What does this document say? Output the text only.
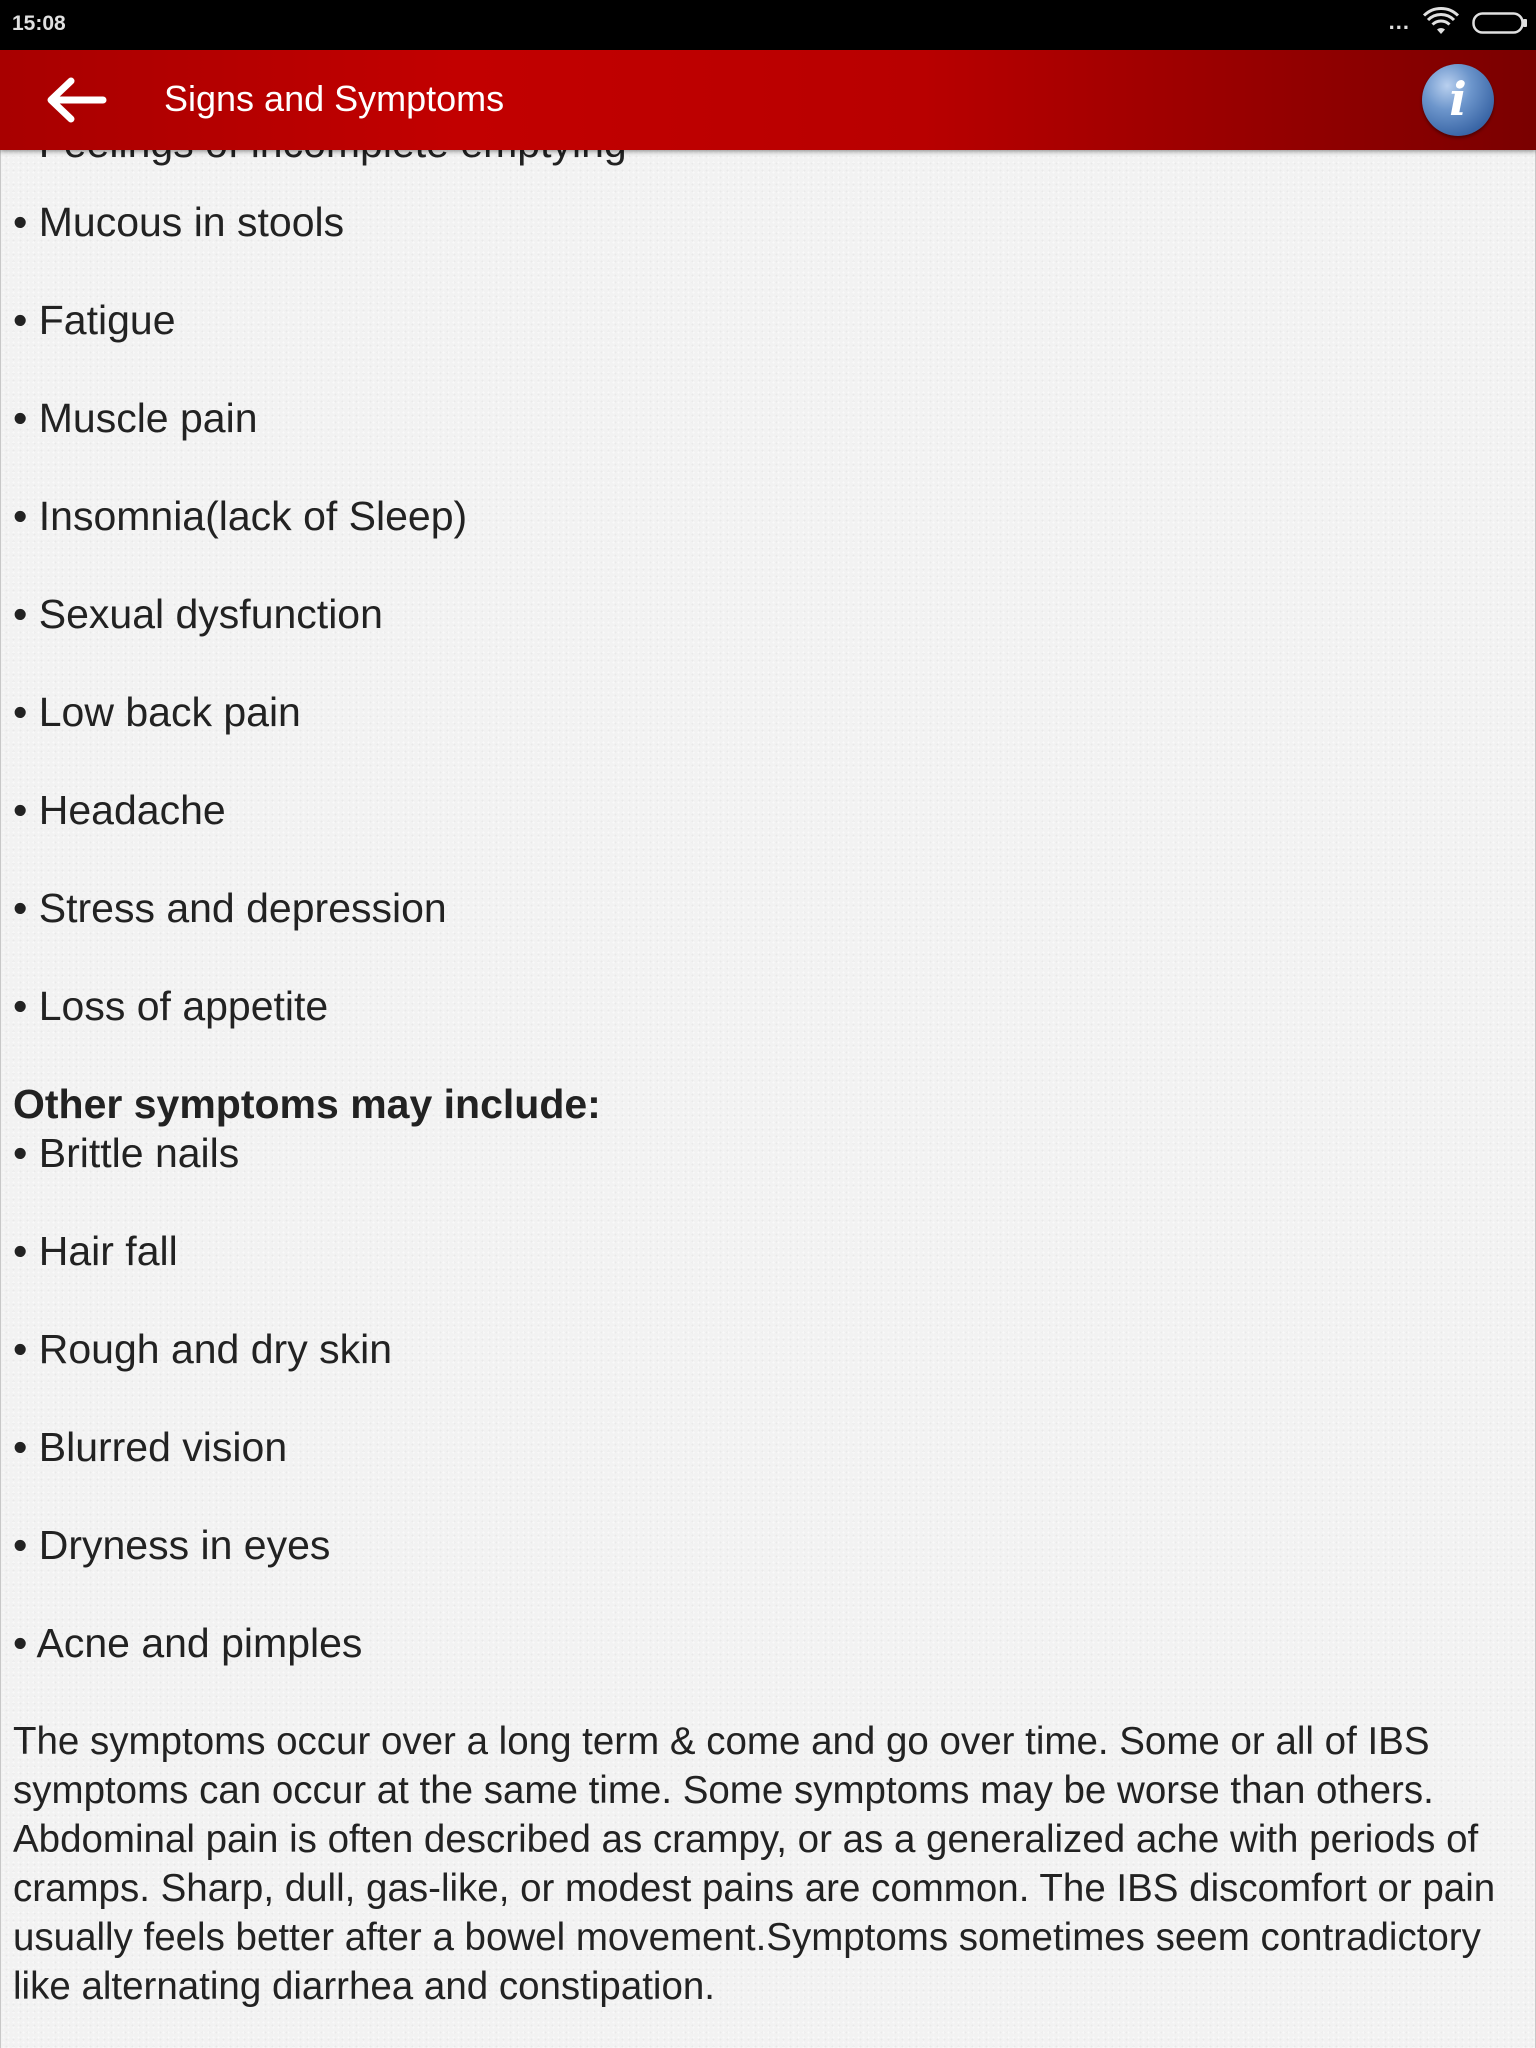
15:08	...
Signs and Symptoms	i
• Mucous in stools
• Fatigue
• Muscle pain
• Insomnia(lack of Sleep)
• Sexual dysfunction
• Low back pain
• Headache
• Stress and depression
• Loss of appetite
Other symptoms may include:
• Brittle nails
• Hair fall
• Rough and dry skin
• Blurred vision
• Dryness in eyes
• Acne and pimples

The symptoms occur over a long term & come and go over time. Some or all of IBS symptoms can occur at the same time. Some symptoms may be worse than others. Abdominal pain is often described as crampy, or as a generalized ache with periods of cramps. Sharp, dull, gas-like, or modest pains are common. The IBS discomfort or pain usually feels better after a bowel movement.Symptoms sometimes seem contradictory like alternating diarrhea and constipation.
